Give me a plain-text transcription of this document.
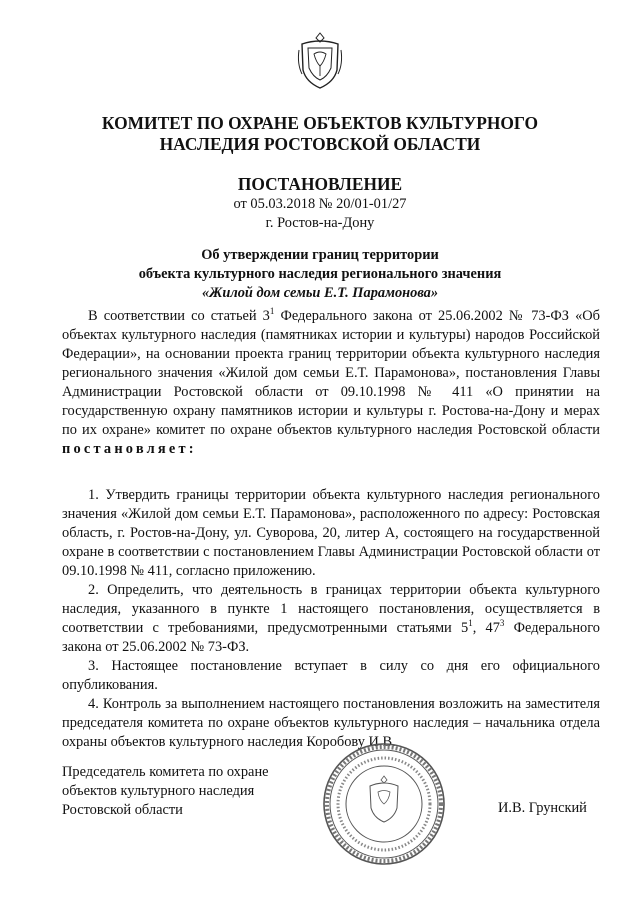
КОМИТЕТ ПО ОХРАНЕ ОБЪЕКТОВ КУЛЬТУРНОГО
НАСЛЕДИЯ РОСТОВСКОЙ ОБЛАСТИ
ПОСТАНОВЛЕНИЕ
от 05.03.2018 № 20/01-01/27
г. Ростов-на-Дону
Об утверждении границ территории
объекта культурного наследия регионального значения
«Жилой дом семьи Е.Т. Парамонова»
В соответствии со статьей $3^1$ Федерального закона от 25.06.2002 № 73-ФЗ «Об объектах культурного наследия (памятниках истории и культуры) народов Российской Федерации», на основании проекта границ территории объекта культурного наследия регионального значения «Жилой дом семьи Е.Т. Парамонова», постановления Главы Администрации Ростовской области от 09.10.1998 № 411 «О принятии на государственную охрану памятников истории и культуры г. Ростова-на-Дону и мерах по их охране» комитет по охране объектов культурного наследия Ростовской области постановляет:

1. Утвердить границы территории объекта культурного наследия регионального значения «Жилой дом семьи Е.Т. Парамонова», расположенного по адресу: Ростовская область, г. Ростов-на-Дону, ул. Суворова, 20, литер А, состоящего на государственной охране в соответствии с постановлением Главы Администрации Ростовской области от 09.10.1998 № 411, согласно приложению.

2. Определить, что деятельность в границах территории объекта культурного наследия, указанного в пункте 1 настоящего постановления, осуществляется в соответствии с требованиями, предусмотренными статьями $5^1$, $47^3$ Федерального закона от 25.06.2002 № 73-ФЗ.

3. Настоящее постановление вступает в силу со дня его официального опубликования.

4. Контроль за выполнением настоящего постановления возложить на заместителя председателя комитета по охране объектов культурного наследия – начальника отдела охраны объектов культурного наследия Коробову И.В.

Председатель комитета по охране
объектов культурного наследия
Ростовской области	И.В. Грунский
